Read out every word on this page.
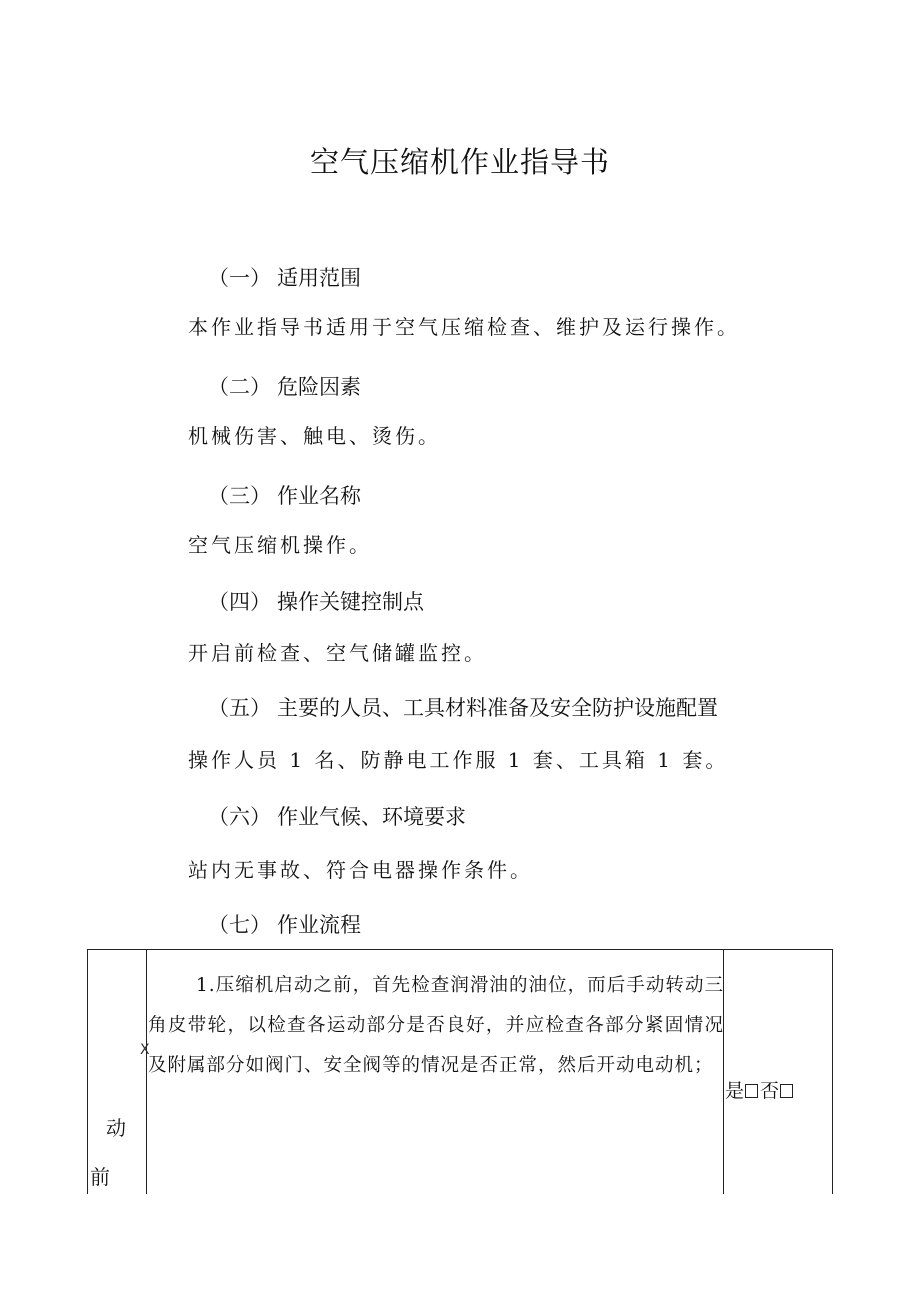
空气压缩机作业指导书
（一） 适用范围
本作业指导书适用于空气压缩检查、维护及运行操作。
（二） 危险因素
机械伤害、触电、烫伤。
（三） 作业名称
空气压缩机操作。
（四） 操作关键控制点
开启前检查、空气储罐监控。
（五） 主要的人员、工具材料准备及安全防护设施配置
操作人员 1 名、防静电工作服 1 套、工具箱 1 套。
（六） 作业气候、环境要求
站内无事故、符合电器操作条件。
（七） 作业流程
X
动
前
1.压缩机启动之前，首先检查润滑油的油位，而后手动转动三角皮带轮，以检查各运动部分是否良好，并应检查各部分紧固情况及附属部分如阀门、安全阀等的情况是否正常，然后开动电动机；
是 否
